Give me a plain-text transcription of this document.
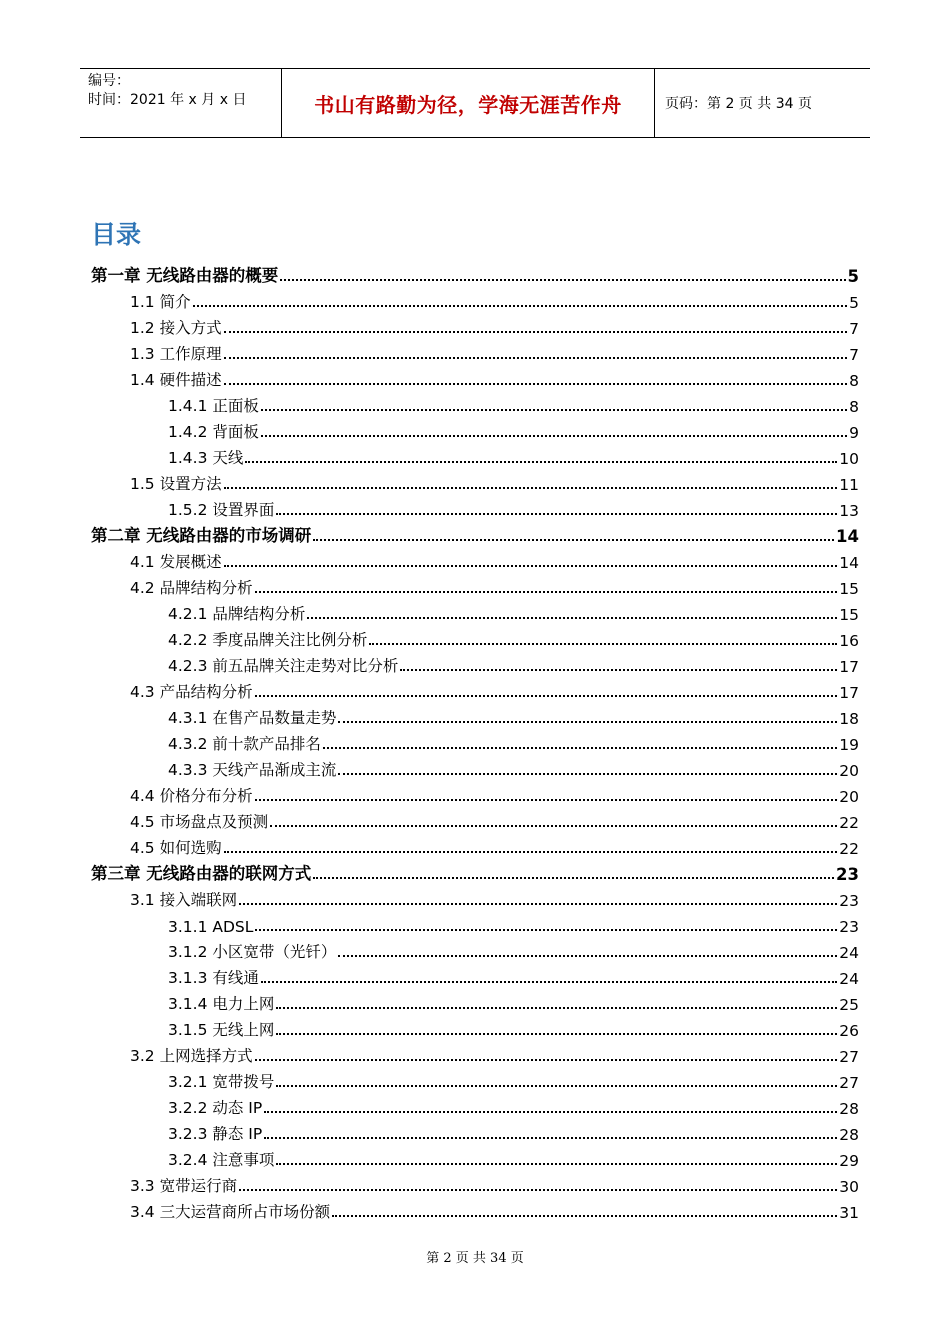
编号：
时间：2021 年 x 月 x 日	书山有路勤为径，学海无涯苦作舟	页码：第 2 页 共 34 页
目录
第一章 无线路由器的概要	5
1.1 简介	5
1.2 接入方式	7
1.3 工作原理	7
1.4 硬件描述	8
1.4.1 正面板	8
1.4.2 背面板	9
1.4.3 天线	10
1.5 设置方法	11
1.5.2 设置界面	13
第二章 无线路由器的市场调研	14
4.1 发展概述	14
4.2 品牌结构分析	15
4.2.1 品牌结构分析	15
4.2.2 季度品牌关注比例分析	16
4.2.3 前五品牌关注走势对比分析	17
4.3 产品结构分析	17
4.3.1 在售产品数量走势	18
4.3.2 前十款产品排名	19
4.3.3 天线产品渐成主流	20
4.4 价格分布分析	20
4.5 市场盘点及预测	22
4.5 如何选购	22
第三章 无线路由器的联网方式	23
3.1 接入端联网	23
3.1.1 ADSL	23
3.1.2 小区宽带（光钎）	24
3.1.3 有线通	24
3.1.4 电力上网	25
3.1.5 无线上网	26
3.2 上网选择方式	27
3.2.1 宽带拨号	27
3.2.2 动态 IP	28
3.2.3 静态 IP	28
3.2.4 注意事项	29
3.3 宽带运行商	30
3.4 三大运营商所占市场份额	31
第 2 页 共 34 页
